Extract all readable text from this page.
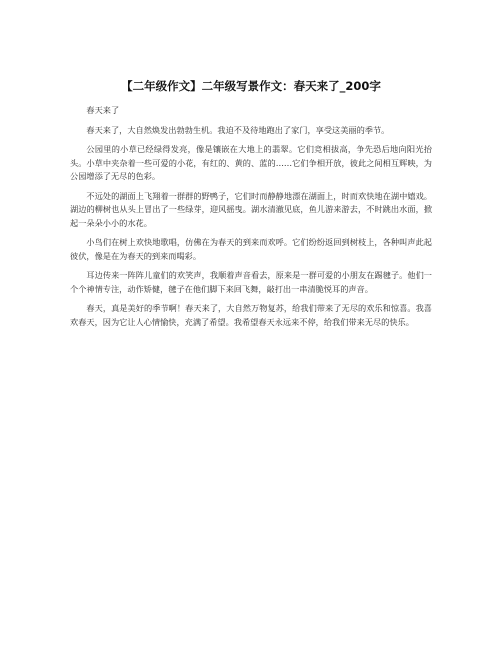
【二年级作文】二年级写景作文：春天来了_200字

春天来了

春天来了，大自然焕发出勃勃生机。我迫不及待地跑出了家门，享受这美丽的季节。

公园里的小草已经绿得发亮，像是镶嵌在大地上的翡翠。它们竞相拔高，争先恐后地向阳光抬头。小草中夹杂着一些可爱的小花，有红的、黄的、蓝的……它们争相开放，彼此之间相互辉映，为公园增添了无尽的色彩。

不远处的湖面上飞翔着一群群的野鸭子，它们时而静静地漂在湖面上，时而欢快地在湖中嬉戏。湖边的柳树也从头上冒出了一些绿芽，迎风摇曳。湖水清澈见底，鱼儿游来游去，不时跳出水面，掀起一朵朵小小的水花。

小鸟们在树上欢快地歌唱，仿佛在为春天的到来而欢呼。它们纷纷返回到树枝上，各种叫声此起彼伏，像是在为春天的到来而喝彩。

耳边传来一阵阵儿童们的欢笑声，我顺着声音看去，原来是一群可爱的小朋友在踢毽子。他们一个个神情专注，动作矫健，毽子在他们脚下来回飞舞，敲打出一串清脆悦耳的声音。

春天，真是美好的季节啊！春天来了，大自然万物复苏，给我们带来了无尽的欢乐和惊喜。我喜欢春天，因为它让人心情愉快，充满了希望。我希望春天永远来不停，给我们带来无尽的快乐。
